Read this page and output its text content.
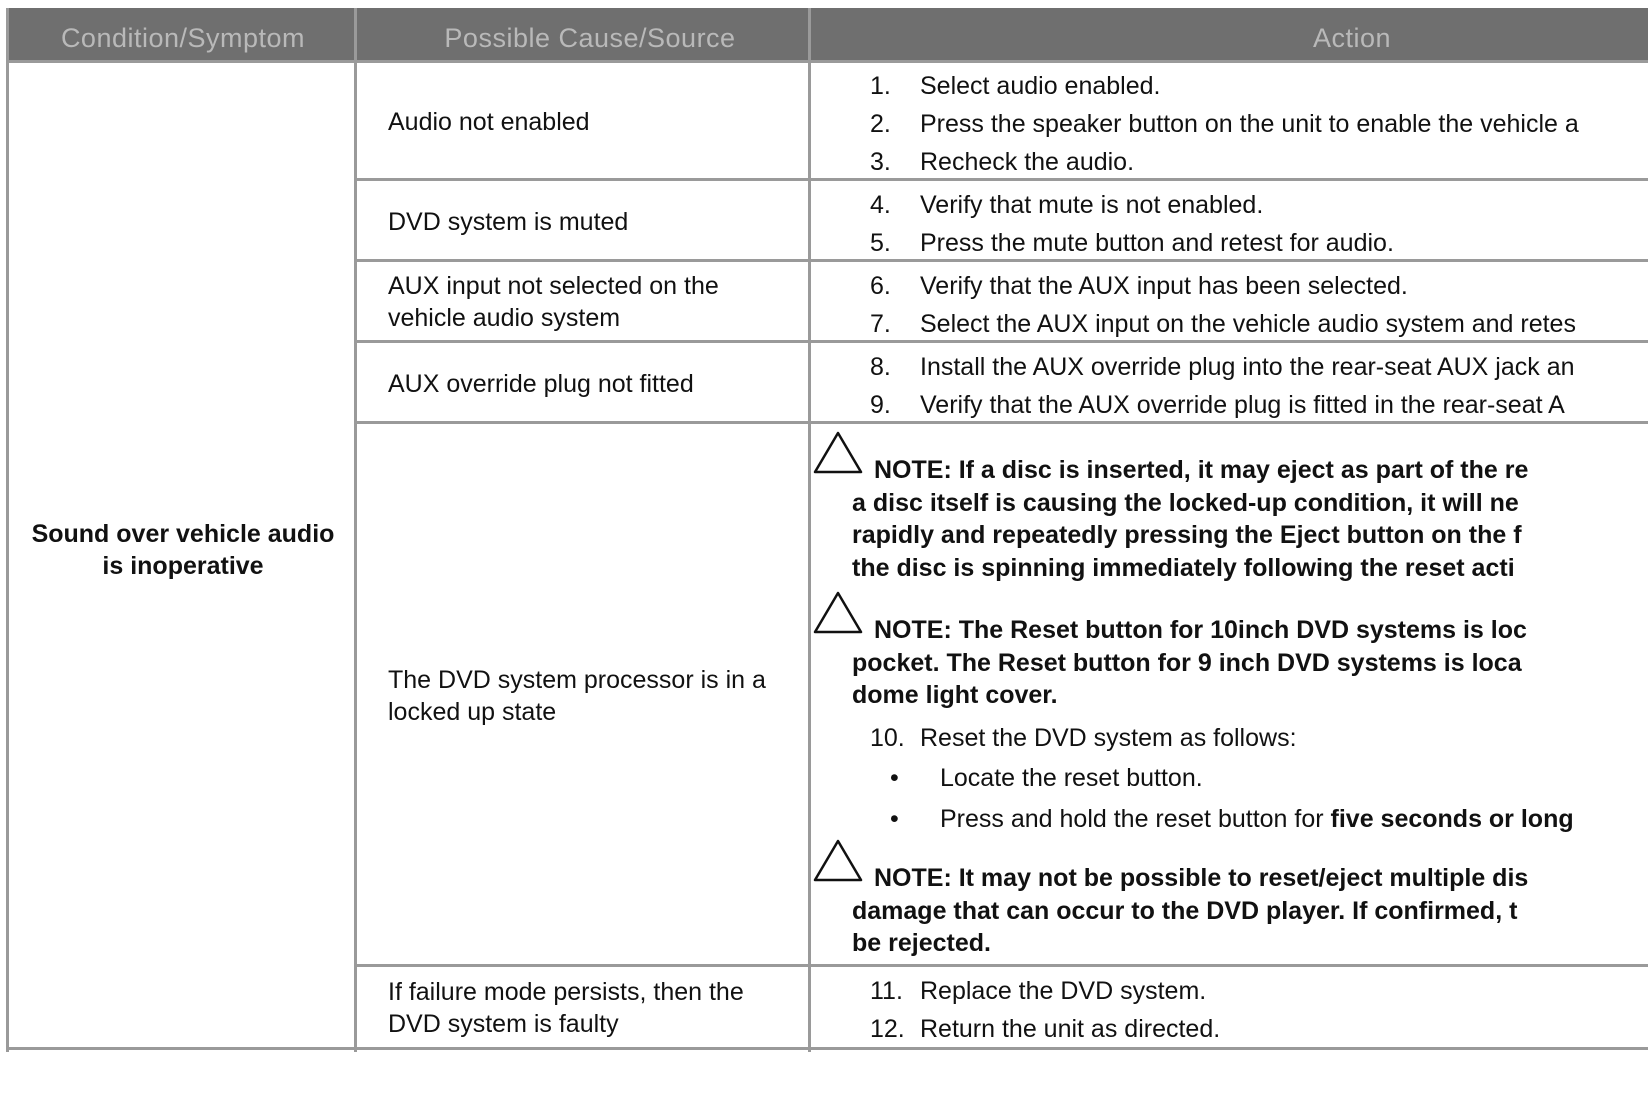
Condition/Symptom	Possible Cause/Source	Action
Sound over vehicle audio
is inoperative
Audio not enabled
1. Select audio enabled.
2. Press the speaker button on the unit to enable the vehicle a
3. Recheck the audio.
DVD system is muted
4. Verify that mute is not enabled.
5. Press the mute button and retest for audio.
AUX input not selected on the
vehicle audio system
6. Verify that the AUX input has been selected.
7. Select the AUX input on the vehicle audio system and retes
AUX override plug not fitted
8. Install the AUX override plug into the rear-seat AUX jack an
9. Verify that the AUX override plug is fitted in the rear-seat A
The DVD system processor is in a
locked up state
NOTE: If a disc is inserted, it may eject as part of the re
a disc itself is causing the locked-up condition, it will ne
rapidly and repeatedly pressing the Eject button on the f
the disc is spinning immediately following the reset acti
NOTE: The Reset button for 10inch DVD systems is loc
pocket. The Reset button for 9 inch DVD systems is loca
dome light cover.
10. Reset the DVD system as follows:
• Locate the reset button.
• Press and hold the reset button for five seconds or long
NOTE: It may not be possible to reset/eject multiple dis
damage that can occur to the DVD player. If confirmed, t
be rejected.
If failure mode persists, then the
DVD system is faulty
11. Replace the DVD system.
12. Return the unit as directed.
